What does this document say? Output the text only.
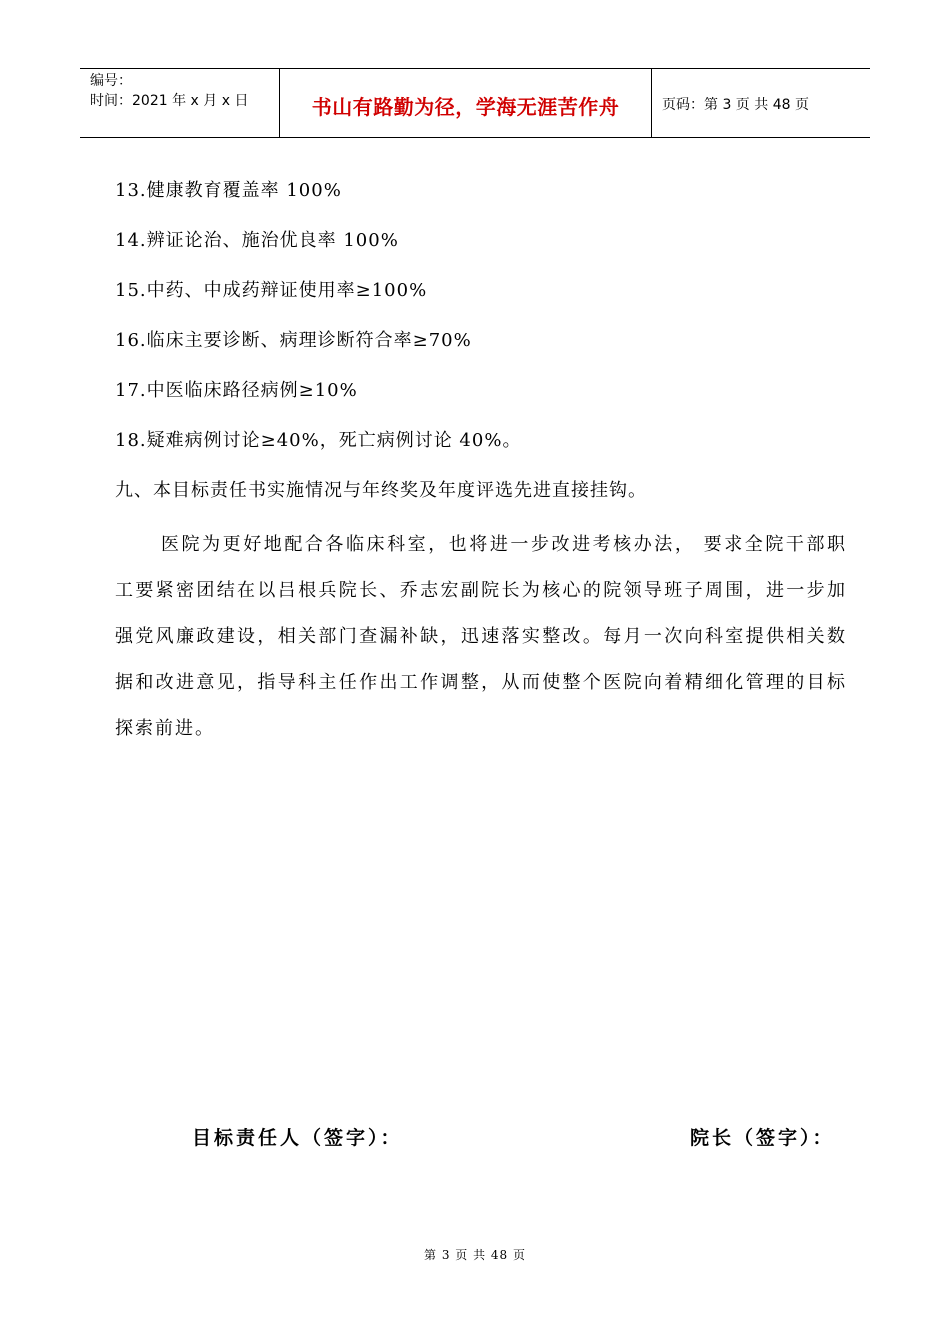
编号：
时间：2021 年 x 月 x 日	书山有路勤为径，学海无涯苦作舟	页码：第 3 页 共 48 页
13.健康教育覆盖率 100%
14.辨证论治、施治优良率 100%
15.中药、中成药辩证使用率≥100%
16.临床主要诊断、病理诊断符合率≥70%
17.中医临床路径病例≥10%
18.疑难病例讨论≥40%，死亡病例讨论 40%。
九、本目标责任书实施情况与年终奖及年度评选先进直接挂钩。

医院为更好地配合各临床科室，也将进一步改进考核办法， 要求全院干部职工要紧密团结在以吕根兵院长、乔志宏副院长为核心的院领导班子周围，进一步加强党风廉政建设，相关部门查漏补缺，迅速落实整改。每月一次向科室提供相关数据和改进意见，指导科主任作出工作调整，从而使整个医院向着精细化管理的目标探索前进。

目标责任人（签字）：	院长（签字）：
第 3 页 共 48 页
